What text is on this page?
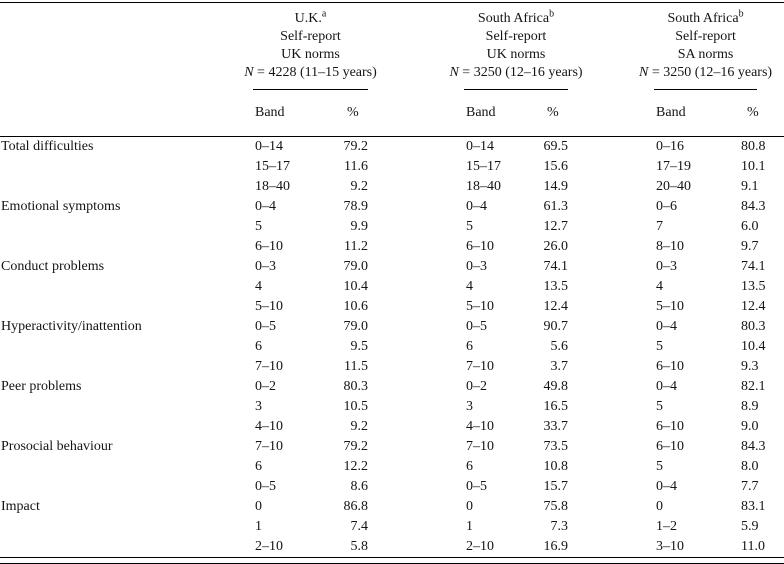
U.K.$^a$
Self-report
UK norms
N = 4228 (11–15 years)

South Africa$^b$
Self-report
UK norms
N = 3250 (12–16 years)

South Africa$^b$
Self-report
SA norms
N = 3250 (12–16 years)

	Band	%	Band	%	Band	%
Total difficulties	0–14	79.2	0–14	69.5	0–16	80.8
	15–17	11.6	15–17	15.6	17–19	10.1
	18–40	9.2	18–40	14.9	20–40	9.1
Emotional symptoms	0–4	78.9	0–4	61.3	0–6	84.3
	5	9.9	5	12.7	7	6.0
	6–10	11.2	6–10	26.0	8–10	9.7
Conduct problems	0–3	79.0	0–3	74.1	0–3	74.1
	4	10.4	4	13.5	4	13.5
	5–10	10.6	5–10	12.4	5–10	12.4
Hyperactivity/inattention	0–5	79.0	0–5	90.7	0–4	80.3
	6	9.5	6	5.6	5	10.4
	7–10	11.5	7–10	3.7	6–10	9.3
Peer problems	0–2	80.3	0–2	49.8	0–4	82.1
	3	10.5	3	16.5	5	8.9
	4–10	9.2	4–10	33.7	6–10	9.0
Prosocial behaviour	7–10	79.2	7–10	73.5	6–10	84.3
	6	12.2	6	10.8	5	8.0
	0–5	8.6	0–5	15.7	0–4	7.7
Impact	0	86.8	0	75.8	0	83.1
	1	7.4	1	7.3	1–2	5.9
	2–10	5.8	2–10	16.9	3–10	11.0
